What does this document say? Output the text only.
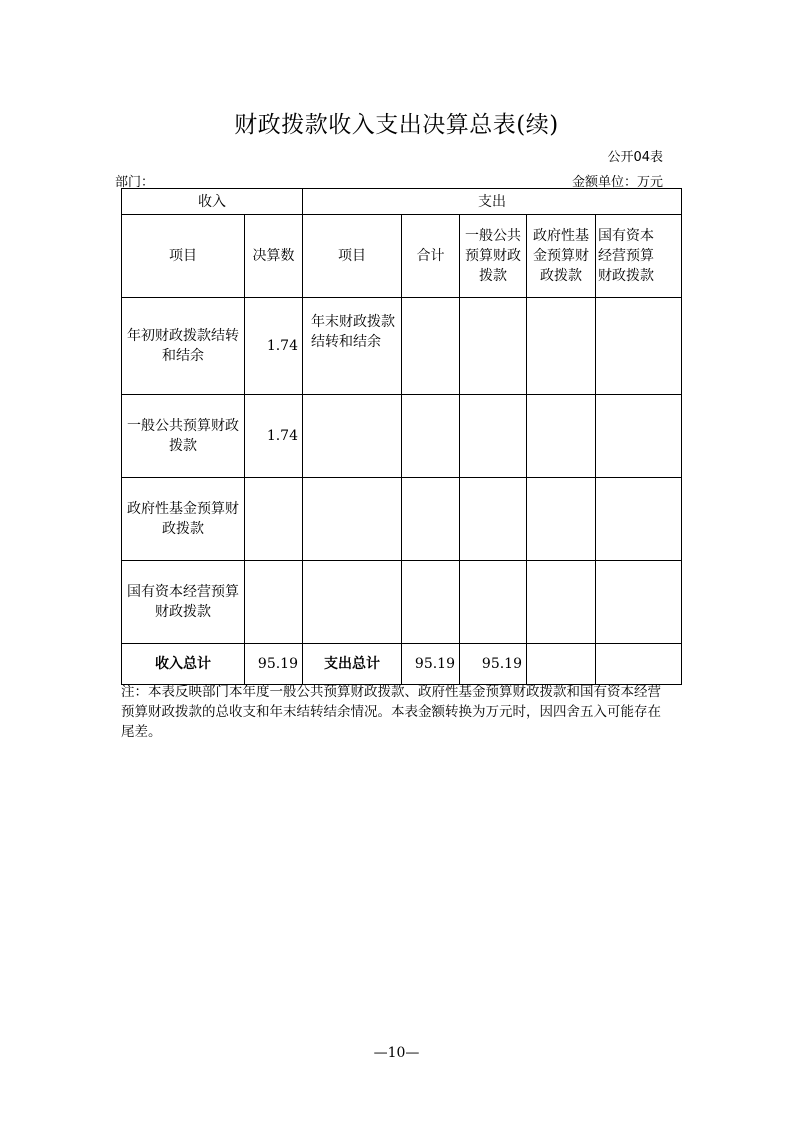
财政拨款收入支出决算总表(续)
公开04表
部门：	金额单位：万元
收入		支出				
项目	决算数	项目	合计	一般公共预算财政拨款	政府性基金预算财政拨款	国有资本经营预算财政拨款

年初财政拨款结转和结余	1.74	年末财政拨款结转和结余				
一般公共预算财政拨款	1.74					
政府性基金预算财政拨款						
国有资本经营预算财政拨款						
收入总计	95.19	支出总计	95.19	95.19		
注：本表反映部门本年度一般公共预算财政拨款、政府性基金预算财政拨款和国有资本经营预算财政拨款的总收支和年末结转结余情况。本表金额转换为万元时，因四舍五入可能存在尾差。
—10—
